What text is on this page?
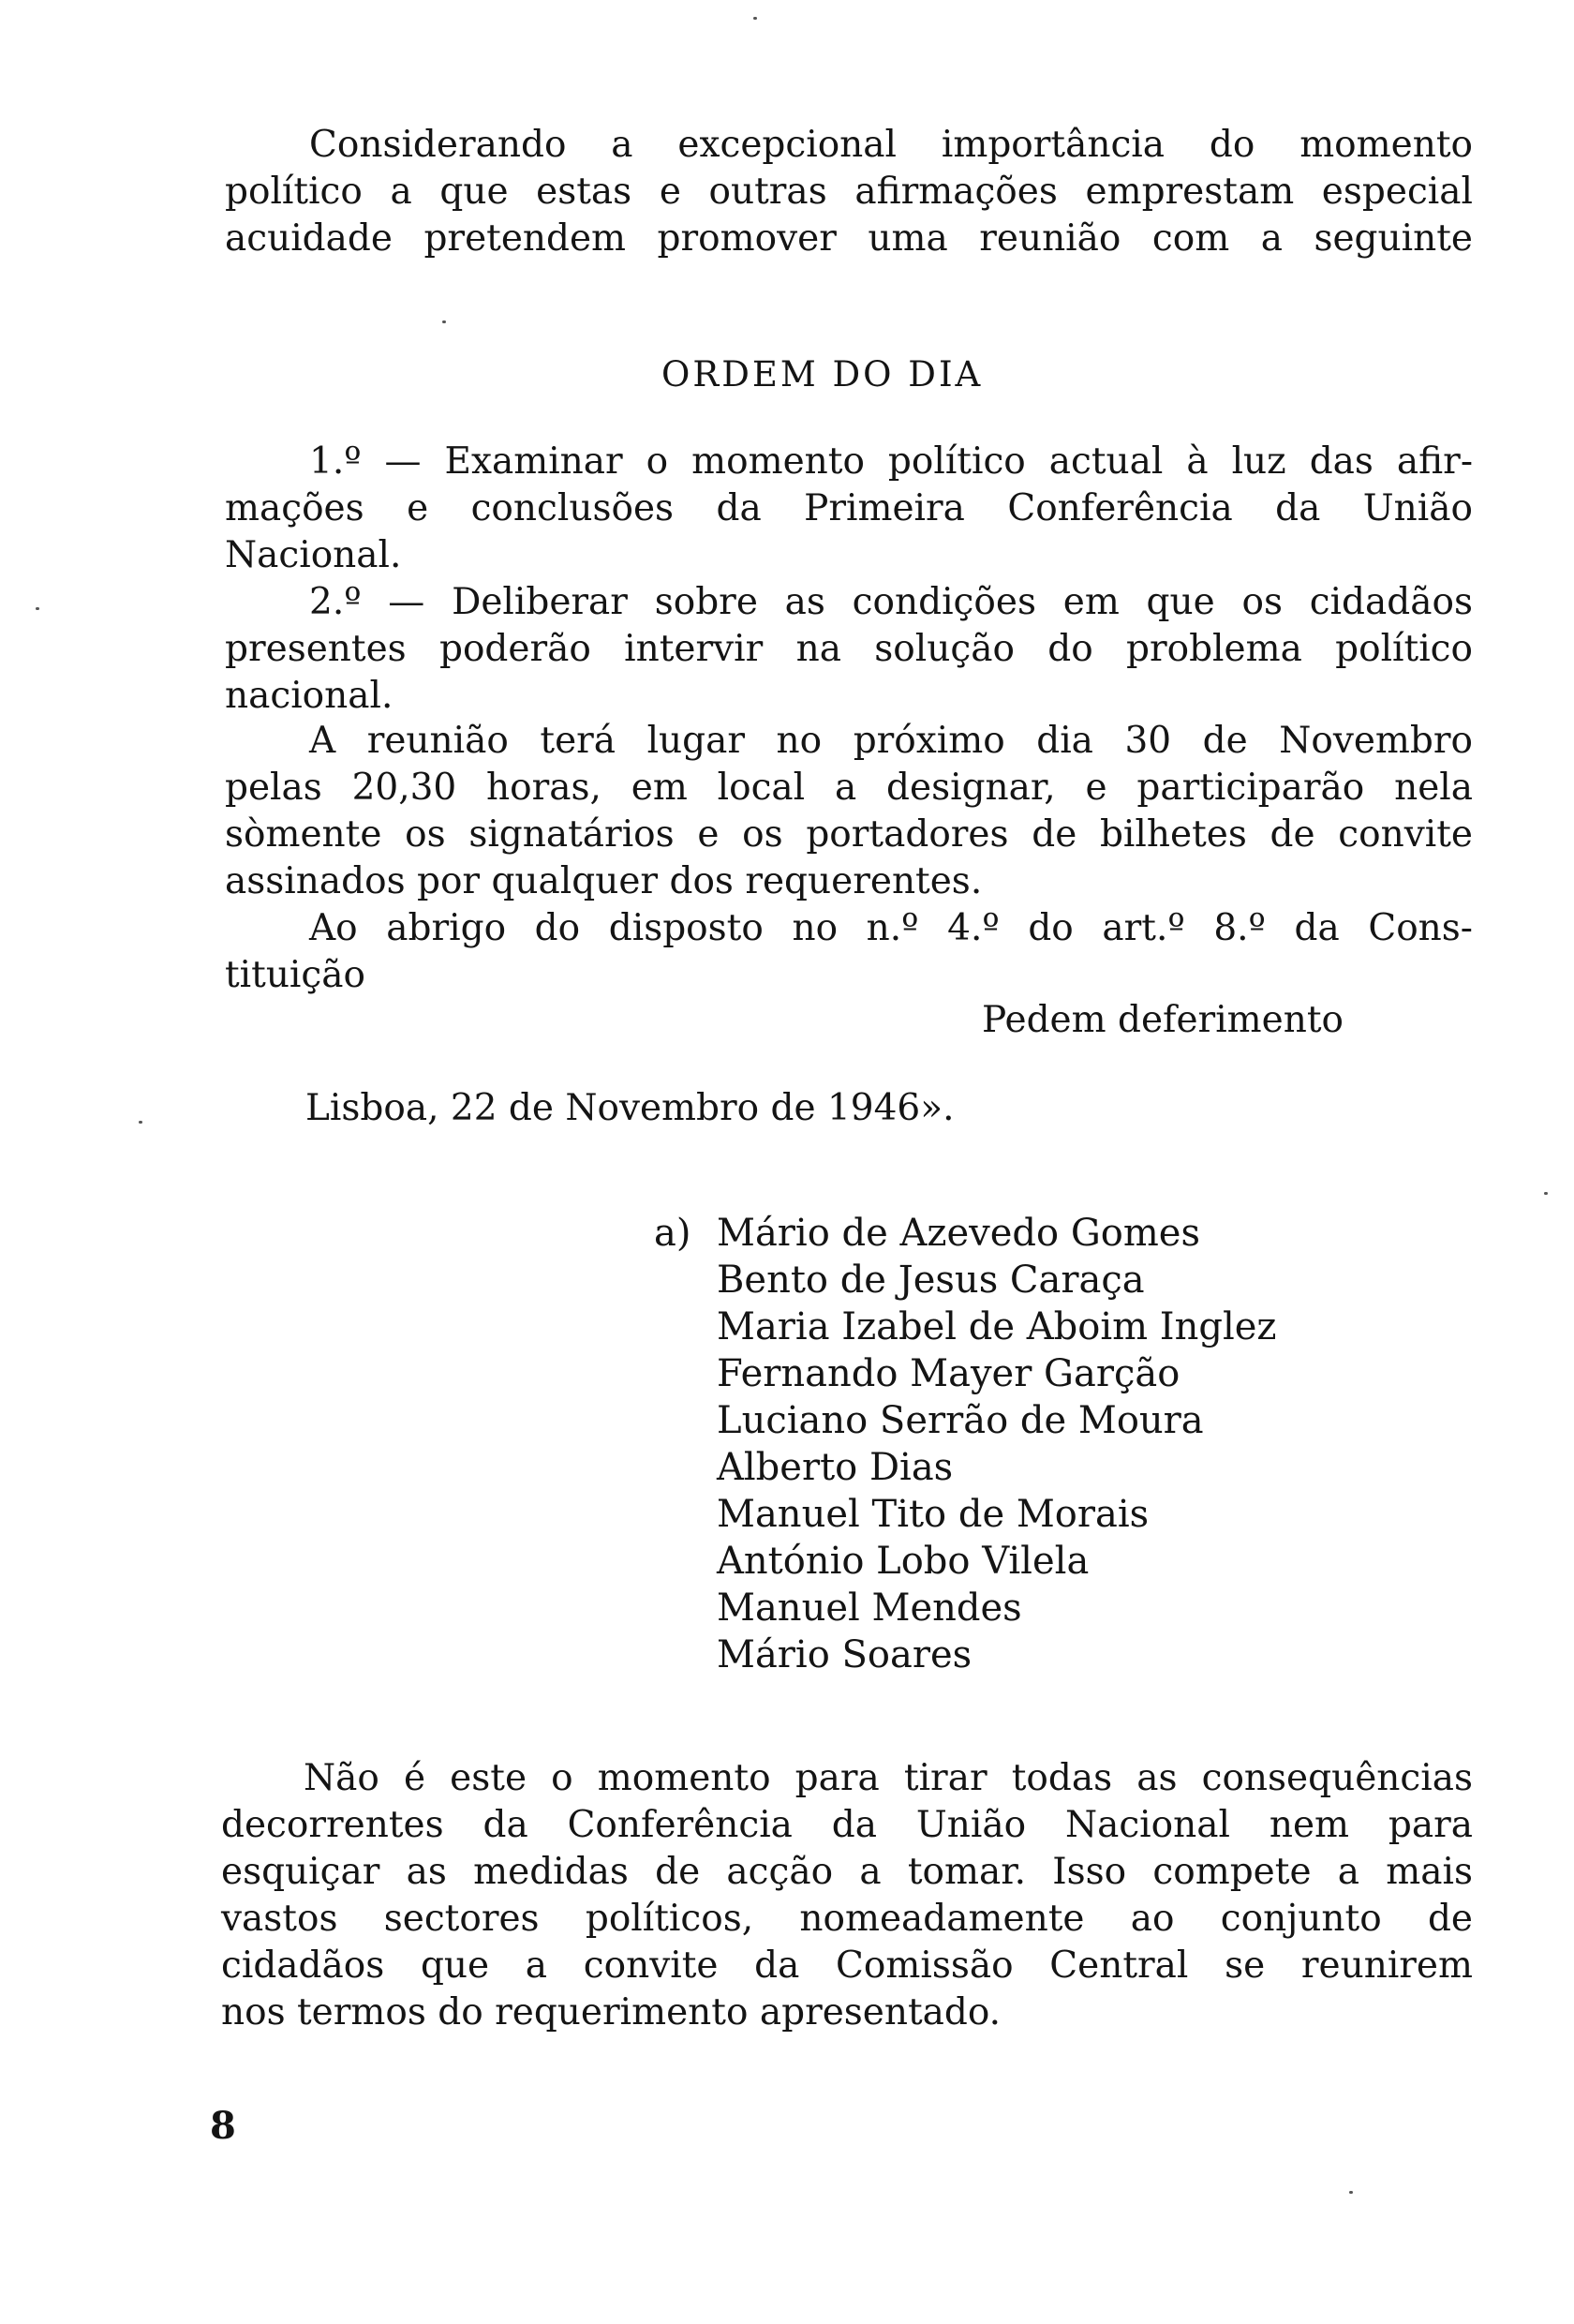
Considerando a excepcional importância do momento

político a que estas e outras afirmações emprestam especial

acuidade pretendem promover uma reunião com a seguinte

ORDEM DO DIA

1.º — Examinar o momento político actual à luz das afir-

mações e conclusões da Primeira Conferência da União

Nacional.

2.º — Deliberar sobre as condições em que os cidadãos

presentes poderão intervir na solução do problema político

nacional.

A reunião terá lugar no próximo dia 30 de Novembro

pelas 20,30 horas, em local a designar, e participarão nela

sòmente os signatários e os portadores de bilhetes de convite

assinados por qualquer dos requerentes.

Ao abrigo do disposto no n.º 4.º do art.º 8.º da Cons-

tituição

Pedem deferimento

Lisboa, 22 de Novembro de 1946».

a) Mário de Azevedo Gomes
Bento de Jesus Caraça
Maria Izabel de Aboim Inglez
Fernando Mayer Garção
Luciano Serrão de Moura
Alberto Dias
Manuel Tito de Morais
António Lobo Vilela
Manuel Mendes
Mário Soares

Não é este o momento para tirar todas as consequências

decorrentes da Conferência da União Nacional nem para

esquiçar as medidas de acção a tomar. Isso compete a mais

vastos sectores políticos, nomeadamente ao conjunto de

cidadãos que a convite da Comissão Central se reunirem

nos termos do requerimento apresentado.

8
